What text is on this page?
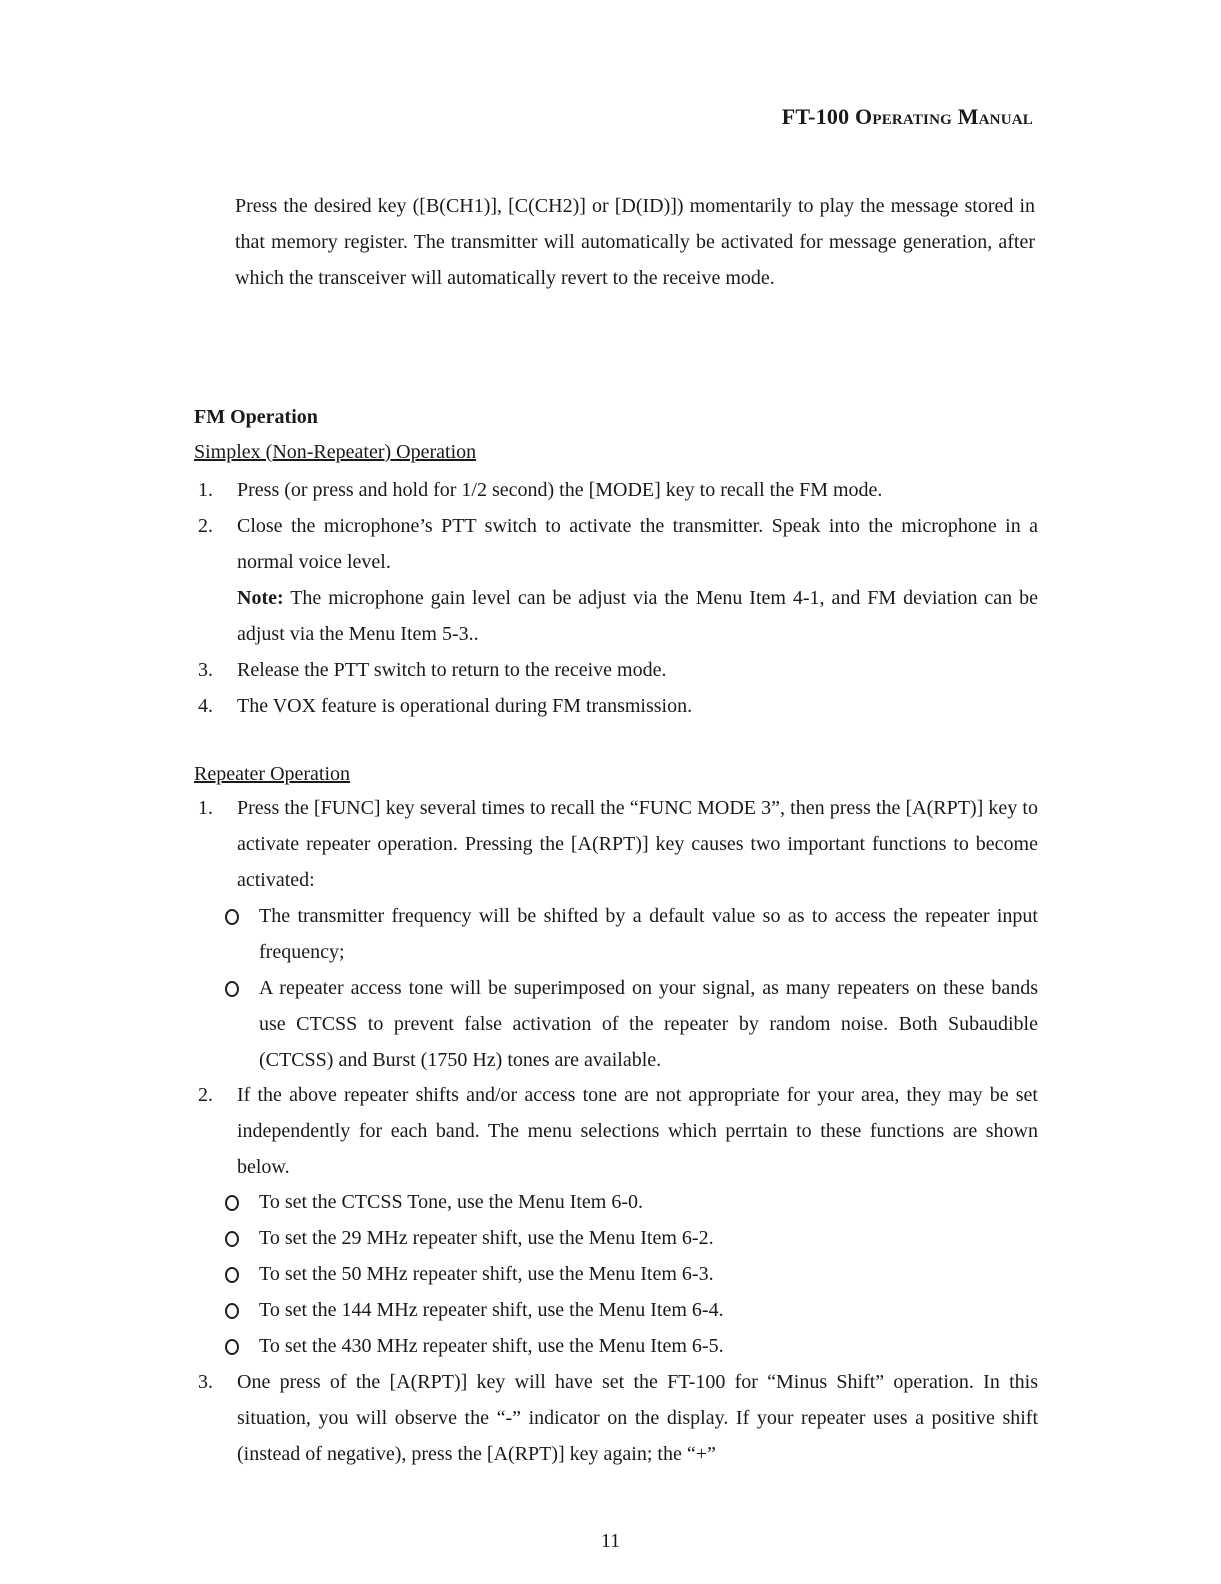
FT-100 Operating Manual

Press the desired key ([B(CH1)], [C(CH2)] or [D(ID)]) momentarily to play the message stored in that memory register. The transmitter will automatically be activated for message generation, after which the transceiver will automatically revert to the receive mode.

FM Operation
Simplex (Non-Repeater) Operation
1. Press (or press and hold for 1/2 second) the [MODE] key to recall the FM mode.
2. Close the microphone’s PTT switch to activate the transmitter. Speak into the microphone in a normal voice level.
Note: The microphone gain level can be adjust via the Menu Item 4-1, and FM deviation can be adjust via the Menu Item 5-3..
3. Release the PTT switch to return to the receive mode.
4. The VOX feature is operational during FM transmission.
Repeater Operation
1. Press the [FUNC] key several times to recall the “FUNC MODE 3”, then press the [A(RPT)] key to activate repeater operation. Pressing the [A(RPT)] key causes two important functions to become activated:
The transmitter frequency will be shifted by a default value so as to access the repeater input frequency;
A repeater access tone will be superimposed on your signal, as many repeaters on these bands use CTCSS to prevent false activation of the repeater by random noise. Both Subaudible (CTCSS) and Burst (1750 Hz) tones are available.
2. If the above repeater shifts and/or access tone are not appropriate for your area, they may be set independently for each band. The menu selections which perrtain to these functions are shown below.
To set the CTCSS Tone, use the Menu Item 6-0.
To set the 29 MHz repeater shift, use the Menu Item 6-2.
To set the 50 MHz repeater shift, use the Menu Item 6-3.
To set the 144 MHz repeater shift, use the Menu Item 6-4.
To set the 430 MHz repeater shift, use the Menu Item 6-5.
3. One press of the [A(RPT)] key will have set the FT-100 for “Minus Shift” operation. In this situation, you will observe the “-” indicator on the display. If your repeater uses a positive shift (instead of negative), press the [A(RPT)] key again; the “+”
11
